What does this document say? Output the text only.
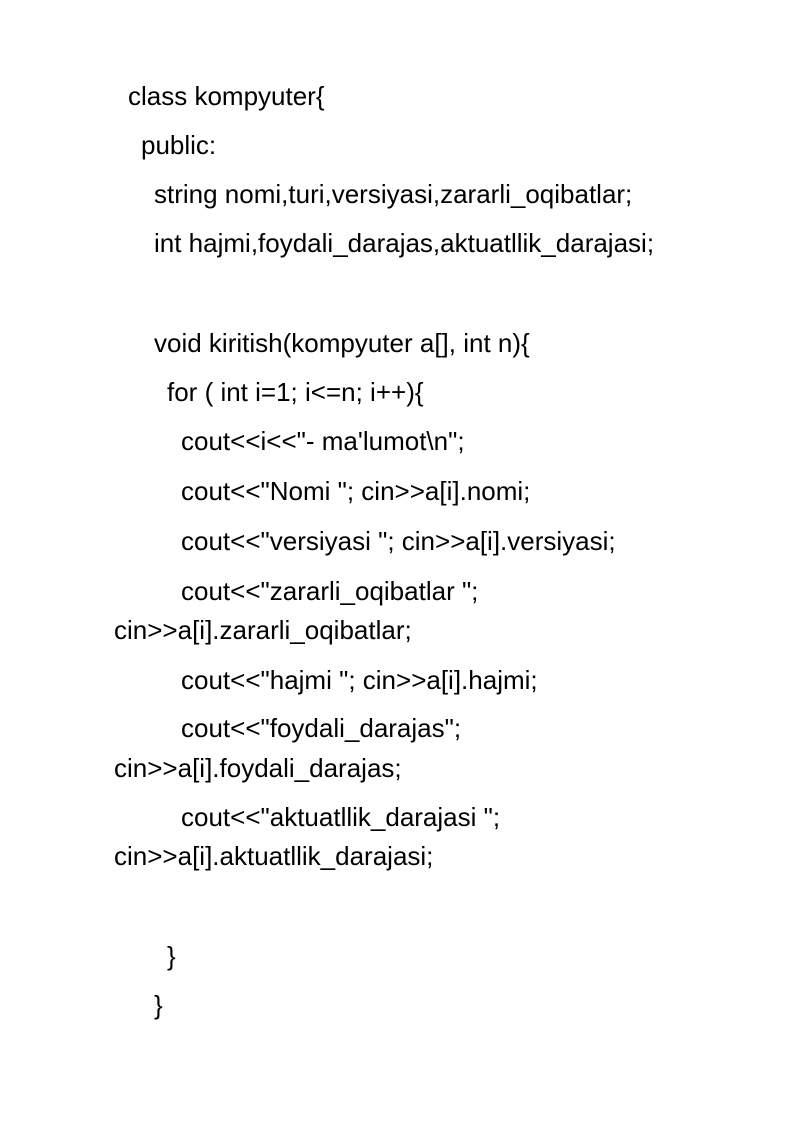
class kompyuter{

public:

string nomi,turi,versiyasi,zararli_oqibatlar;

int hajmi,foydali_darajas,aktuatllik_darajasi;

void kiritish(kompyuter a[], int n){

for ( int i=1; i<=n; i++){

cout<<i<<"- ma'lumot\n";

cout<<"Nomi "; cin>>a[i].nomi;

cout<<"versiyasi "; cin>>a[i].versiyasi;

cout<<"zararli_oqibatlar ";

cin>>a[i].zararli_oqibatlar;

cout<<"hajmi "; cin>>a[i].hajmi;

cout<<"foydali_darajas";

cin>>a[i].foydali_darajas;

cout<<"aktuatllik_darajasi ";

cin>>a[i].aktuatllik_darajasi;

}

}
